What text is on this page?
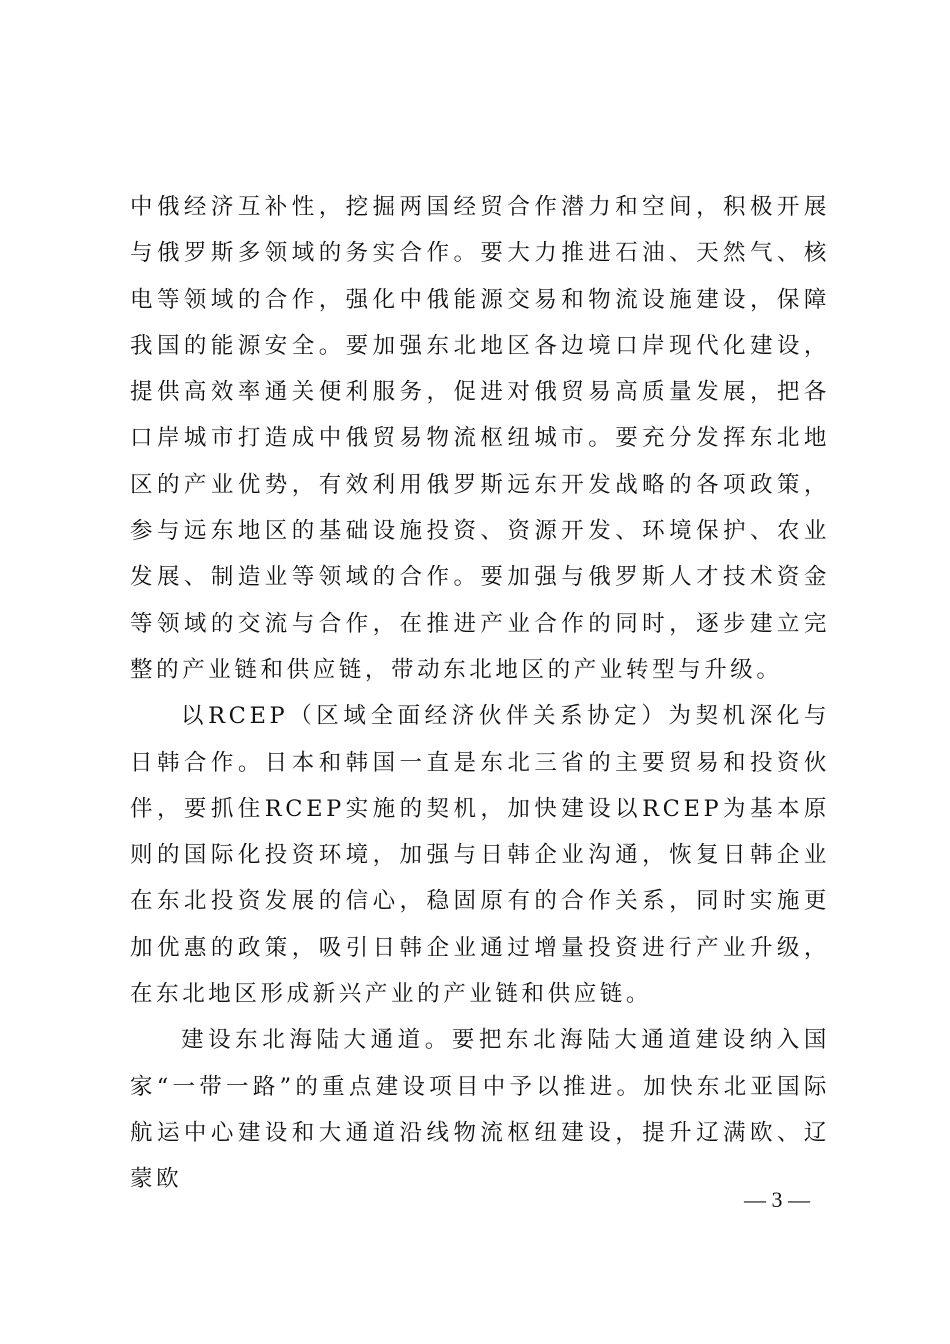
中俄经济互补性，挖掘两国经贸合作潜力和空间，积极开展与俄罗斯多领域的务实合作。要大力推进石油、天然气、核电等领域的合作，强化中俄能源交易和物流设施建设，保障我国的能源安全。要加强东北地区各边境口岸现代化建设，提供高效率通关便利服务，促进对俄贸易高质量发展，把各口岸城市打造成中俄贸易物流枢纽城市。要充分发挥东北地区的产业优势，有效利用俄罗斯远东开发战略的各项政策，参与远东地区的基础设施投资、资源开发、环境保护、农业发展、制造业等领域的合作。要加强与俄罗斯人才技术资金等领域的交流与合作，在推进产业合作的同时，逐步建立完整的产业链和供应链，带动东北地区的产业转型与升级。

以RCEP（区域全面经济伙伴关系协定）为契机深化与日韩合作。日本和韩国一直是东北三省的主要贸易和投资伙伴，要抓住RCEP实施的契机，加快建设以RCEP为基本原则的国际化投资环境，加强与日韩企业沟通，恢复日韩企业在东北投资发展的信心，稳固原有的合作关系，同时实施更加优惠的政策，吸引日韩企业通过增量投资进行产业升级，在东北地区形成新兴产业的产业链和供应链。

建设东北海陆大通道。要把东北海陆大通道建设纳入国家“一带一路”的重点建设项目中予以推进。加快东北亚国际航运中心建设和大通道沿线物流枢纽建设，提升辽满欧、辽蒙欧

— 3 —
